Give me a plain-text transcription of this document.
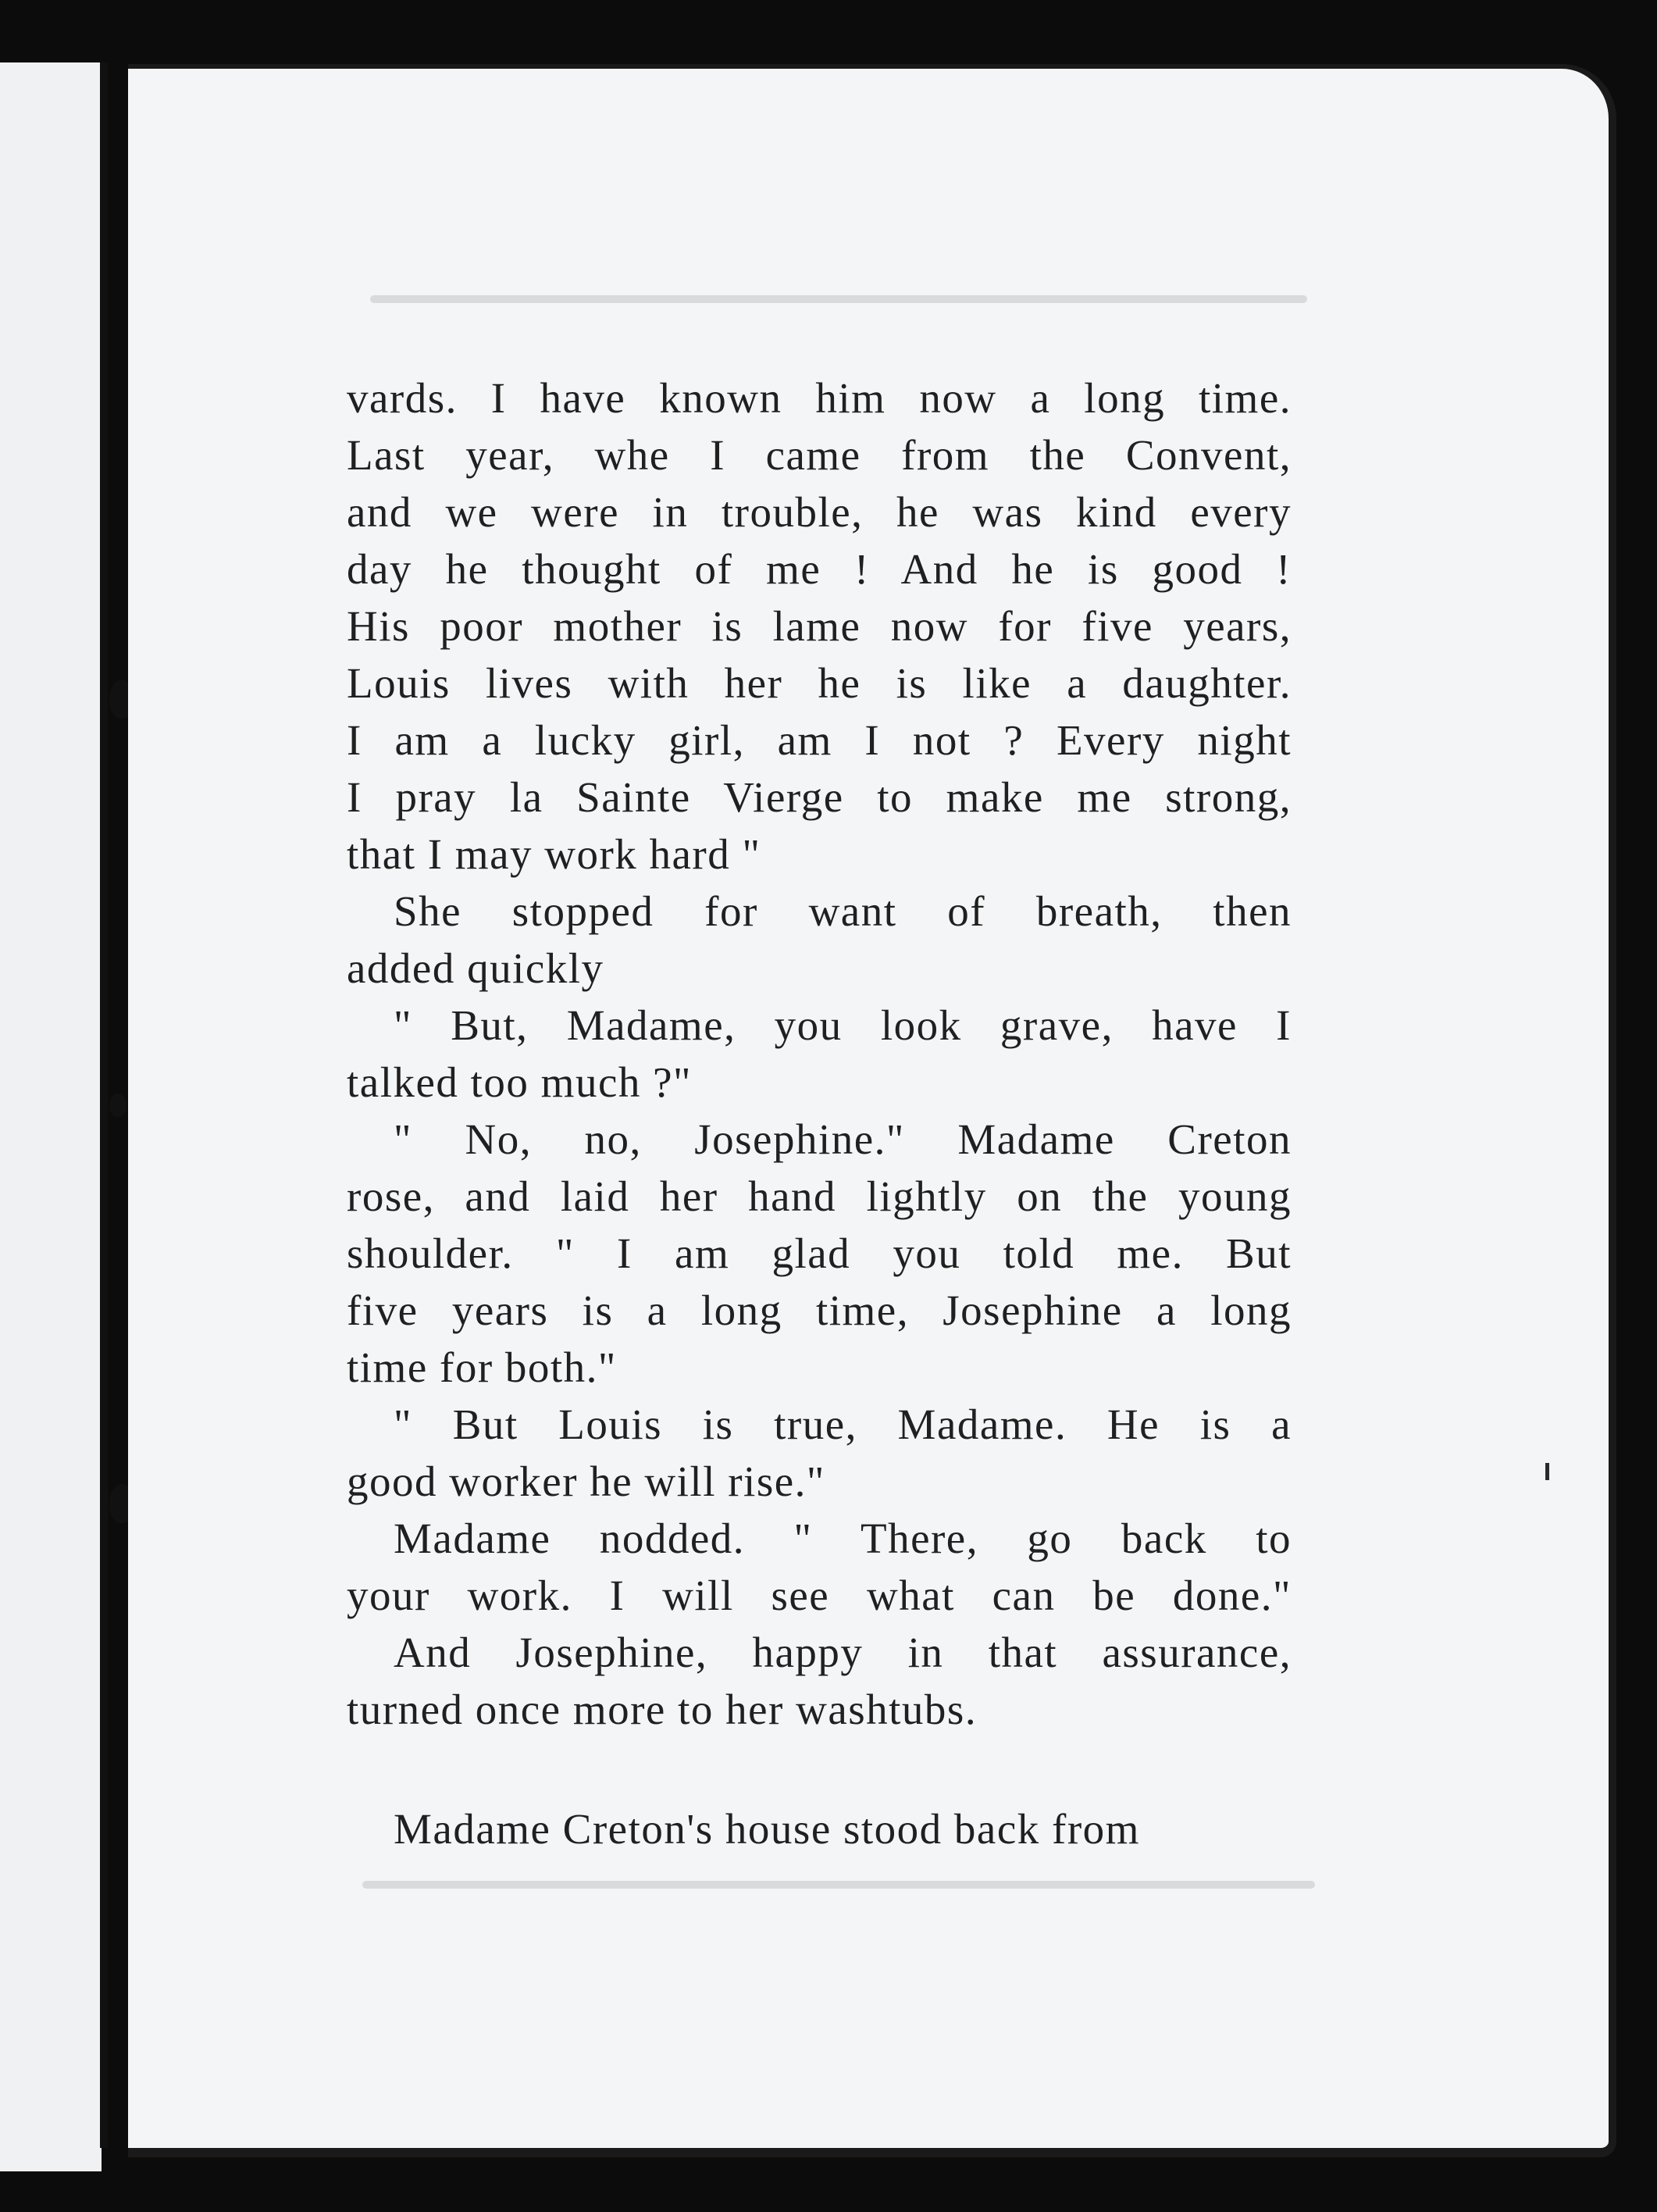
vards. I have known him now a long time.
Last year, whe I came from the Convent,
and we were in trouble, he was kind every
day he thought of me ! And he is good !
His poor mother is lame now for five years,
Louis lives with her he is like a daughter.
I am a lucky girl, am I not ? Every night
I pray la Sainte Vierge to make me strong,
that I may work hard "
She stopped for want of breath, then
added quickly
" But, Madame, you look grave, have I
talked too much ?"
" No, no, Josephine." Madame Creton
rose, and laid her hand lightly on the young
shoulder. " I am glad you told me. But
five years is a long time, Josephine a long
time for both."
" But Louis is true, Madame. He is a
good worker he will rise."
Madame nodded. " There, go back to
your work. I will see what can be done."
And Josephine, happy in that assurance,
turned once more to her washtubs.
Madame Creton's house stood back from
